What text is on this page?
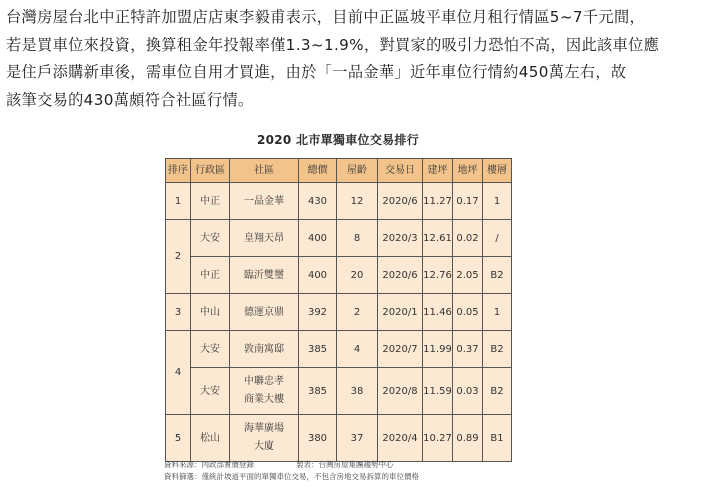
台灣房屋台北中正特許加盟店店東李毅甫表示，目前中正區坡平車位月租行情區5~7千元間，

若是買車位來投資，換算租金年投報率僅1.3~1.9%，對買家的吸引力恐怕不高，因此該車位應

是住戶添購新車後，需車位自用才買進，由於「一品金華」近年車位行情約450萬左右，故

該筆交易的430萬頗符合社區行情。

2020 北市單獨車位交易排行
排序	行政區	社區	總價	屋齡	交易日	建坪	地坪	樓層
1	中正	一品金華	430	12	2020/6	11.27	0.17	1
2	大安	皇翔天昂	400	8	2020/3	12.61	0.02	/
	中正	臨沂雙璽	400	20	2020/6	12.76	2.05	B2
3	中山	德運京鼎	392	2	2020/1	11.46	0.05	1
4	大安	敦南寓邸	385	4	2020/7	11.99	0.37	B2
	大安	中聯忠孝
商業大樓	385	38	2020/8	11.59	0.03	B2
5	松山	海華廣場
大廈	380	37	2020/4	10.27	0.89	B1
資料來源：內政部實價登錄	製表：台灣房屋集團趨勢中心
資料篩選：僅統計坡道平面的單獨車位交易，不包含房地交易拆算的車位價格
